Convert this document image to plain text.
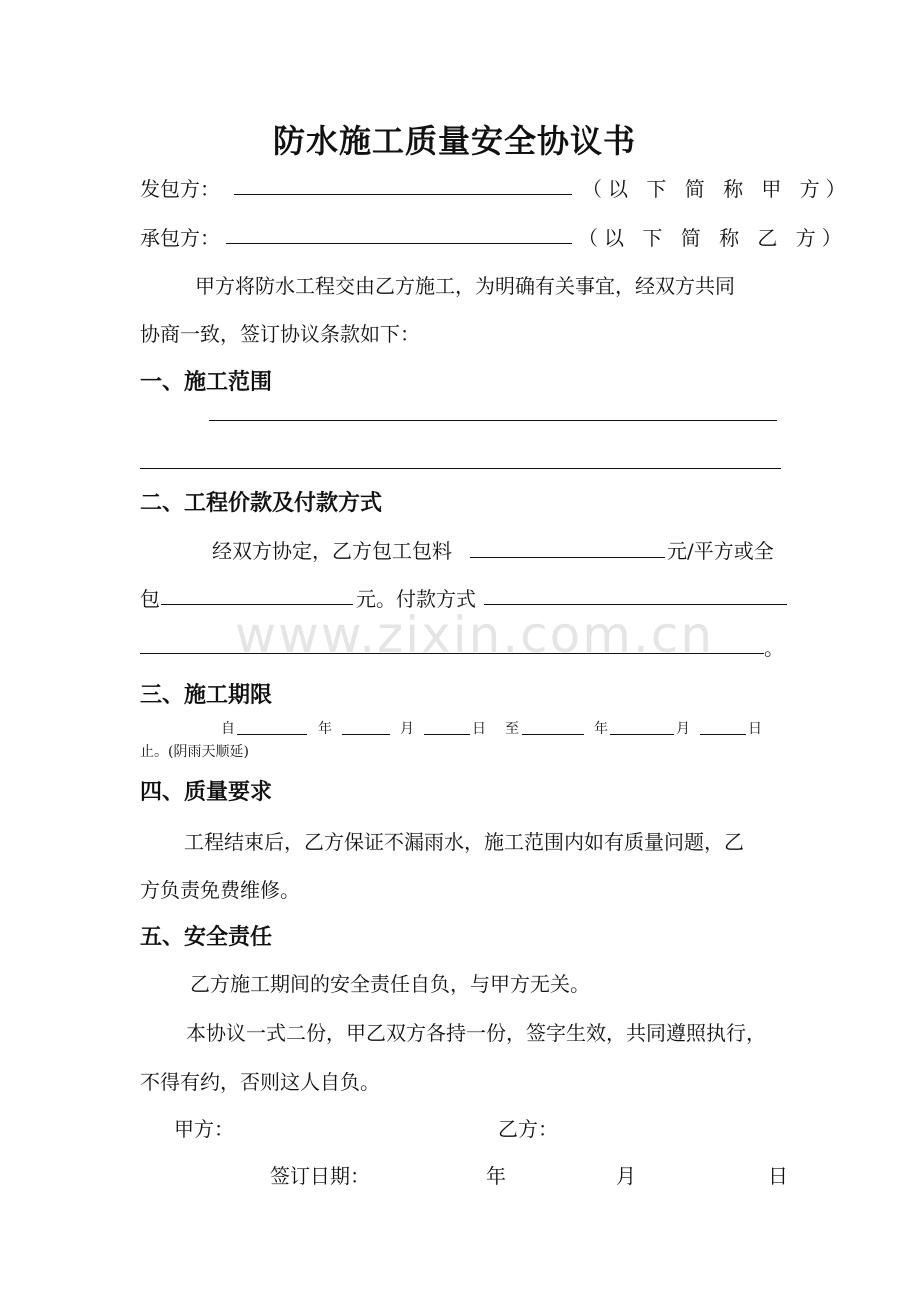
防水施工质量安全协议书
发包方：	（以 下 简 称 甲 方）
承包方：	（以 下 简 称 乙 方）
甲方将防水工程交由乙方施工，为明确有关事宜，经双方共同
协商一致，签订协议条款如下：
一、施工范围
二、工程价款及付款方式
经双方协定，乙方包工包料	元/平方或全
包	元。付款方式
。
www.zixin.com.cn
三、施工期限
自	年	月	日 至	年	月	日
止。(阴雨天顺延)
四、质量要求
工程结束后，乙方保证不漏雨水，施工范围内如有质量问题，乙
方负责免费维修。
五、安全责任
乙方施工期间的安全责任自负，与甲方无关。
本协议一式二份，甲乙双方各持一份，签字生效，共同遵照执行，
不得有约，否则这人自负。
甲方：	乙方：
签订日期：	年	月	日
